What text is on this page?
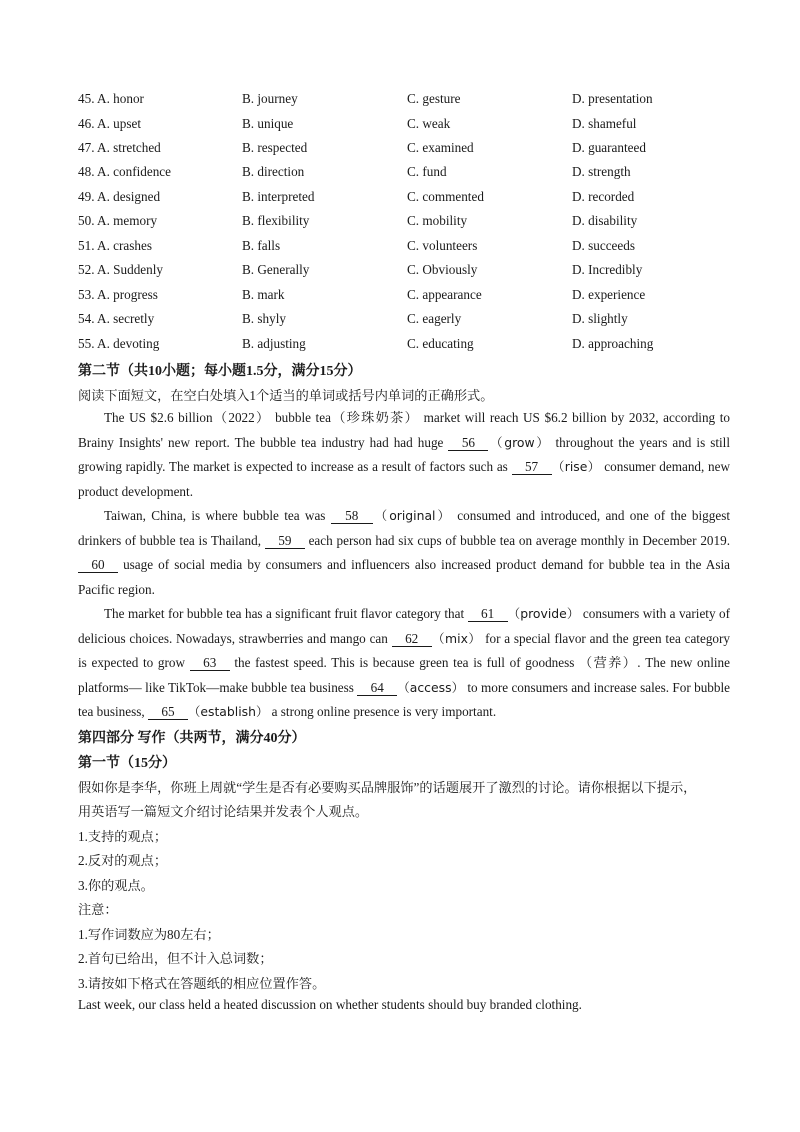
45. A. honor	B. journey	C. gesture	D. presentation
46. A. upset	B. unique	C. weak	D. shameful
47. A. stretched	B. respected	C. examined	D. guaranteed
48. A. confidence	B. direction	C. fund	D. strength
49. A. designed	B. interpreted	C. commented	D. recorded
50. A. memory	B. flexibility	C. mobility	D. disability
51. A. crashes	B. falls	C. volunteers	D. succeeds
52. A. Suddenly	B. Generally	C. Obviously	D. Incredibly
53. A. progress	B. mark	C. appearance	D. experience
54. A. secretly	B. shyly	C. eagerly	D. slightly
55. A. devoting	B. adjusting	C. educating	D. approaching
第二节（共10小题；每小题1.5分，满分15分）
阅读下面短文，在空白处填入1个适当的单词或括号内单词的正确形式。
The US $2.6 billion（2022） bubble tea（珍珠奶茶） market will reach US $6.2 billion by 2032, according to Brainy Insights' new report. The bubble tea industry had had huge 56 （grow） throughout the years and is still growing rapidly. The market is expected to increase as a result of factors such as 57 （rise） consumer demand, new product development.
Taiwan, China, is where bubble tea was 58 （original） consumed and introduced, and one of the biggest drinkers of bubble tea is Thailand, 59 each person had six cups of bubble tea on average monthly in December 2019. 60 usage of social media by consumers and influencers also increased product demand for bubble tea in the Asia Pacific region.
The market for bubble tea has a significant fruit flavor category that 61 （provide） consumers with a variety of delicious choices. Nowadays, strawberries and mango can 62 （mix） for a special flavor and the green tea category is expected to grow 63 the fastest speed. This is because green tea is full of goodness （营养）. The new online platforms— like TikTok—make bubble tea business 64 （access） to more consumers and increase sales. For bubble tea business, 65 （establish） a strong online presence is very important.
第四部分 写作（共两节，满分40分）
第一节（15分）
假如你是李华，你班上周就“学生是否有必要购买品牌服饰”的话题展开了激烈的讨论。请你根据以下提示，
用英语写一篇短文介绍讨论结果并发表个人观点。
1.支持的观点；
2.反对的观点；
3.你的观点。
注意：
1.写作词数应为80左右；
2.首句已给出，但不计入总词数；
3.请按如下格式在答题纸的相应位置作答。
Last week, our class held a heated discussion on whether students should buy branded clothing.
